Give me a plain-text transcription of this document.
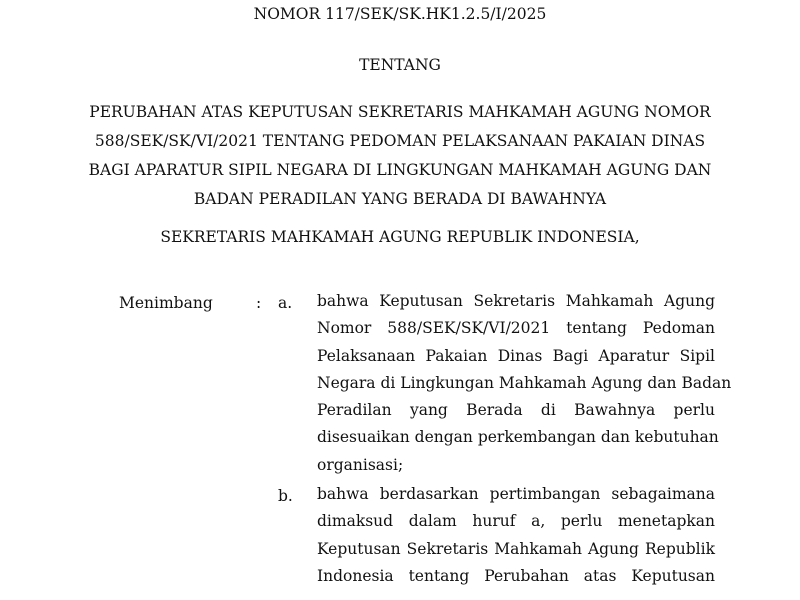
NOMOR 117/SEK/SK.HK1.2.5/I/2025
TENTANG
PERUBAHAN ATAS KEPUTUSAN SEKRETARIS MAHKAMAH AGUNG NOMOR
588/SEK/SK/VI/2021 TENTANG PEDOMAN PELAKSANAAN PAKAIAN DINAS
BAGI APARATUR SIPIL NEGARA DI LINGKUNGAN MAHKAMAH AGUNG DAN
BADAN PERADILAN YANG BERADA DI BAWAHNYA
SEKRETARIS MAHKAMAH AGUNG REPUBLIK INDONESIA,
Menimbang	: a. bahwa Keputusan Sekretaris Mahkamah Agung
Nomor 588/SEK/SK/VI/2021 tentang Pedoman
Pelaksanaan Pakaian Dinas Bagi Aparatur Sipil
Negara di Lingkungan Mahkamah Agung dan Badan
Peradilan yang Berada di Bawahnya perlu
disesuaikan dengan perkembangan dan kebutuhan
organisasi;
b. bahwa berdasarkan pertimbangan sebagaimana
dimaksud dalam huruf a, perlu menetapkan
Keputusan Sekretaris Mahkamah Agung Republik
Indonesia tentang Perubahan atas Keputusan
